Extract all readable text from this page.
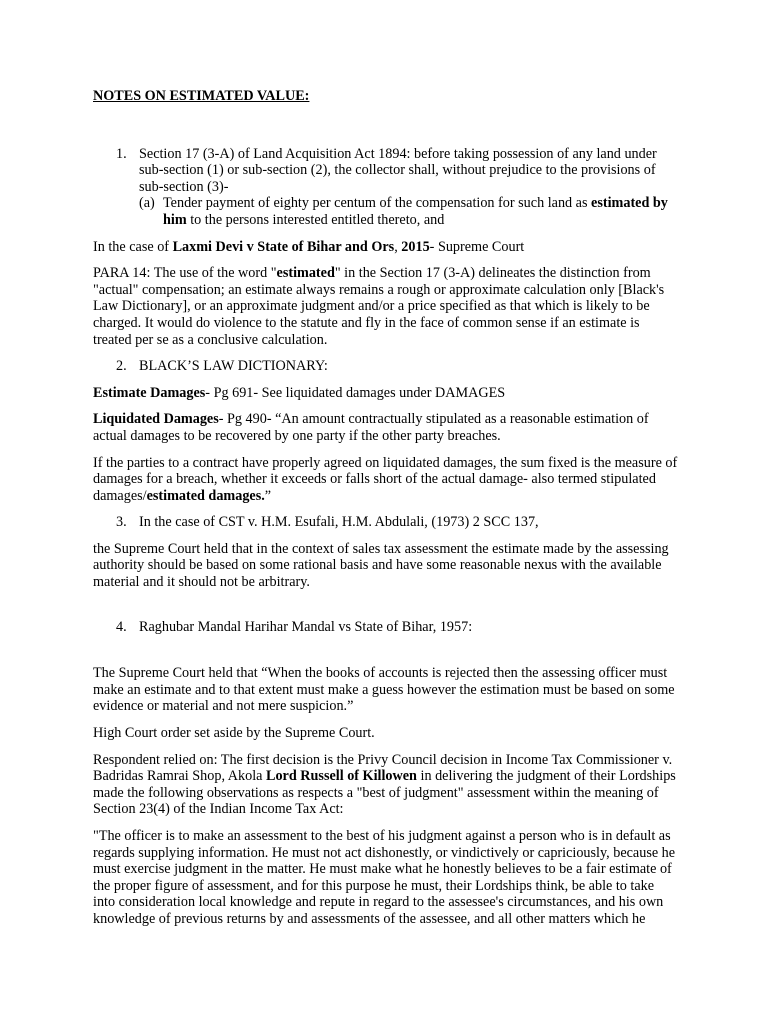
NOTES ON ESTIMATED VALUE:

1. Section 17 (3-A) of Land Acquisition Act 1894: before taking possession of any land under sub-section (1) or sub-section (2), the collector shall, without prejudice to the provisions of sub-section (3)-
(a) Tender payment of eighty per centum of the compensation for such land as estimated by him to the persons interested entitled thereto, and

In the case of Laxmi Devi v State of Bihar and Ors, 2015- Supreme Court

PARA 14: The use of the word "estimated" in the Section 17 (3-A) delineates the distinction from "actual" compensation; an estimate always remains a rough or approximate calculation only [Black's Law Dictionary], or an approximate judgment and/or a price specified as that which is likely to be charged. It would do violence to the statute and fly in the face of common sense if an estimate is treated per se as a conclusive calculation.

2. BLACK’S LAW DICTIONARY:

Estimate Damages- Pg 691- See liquidated damages under DAMAGES

Liquidated Damages- Pg 490- “An amount contractually stipulated as a reasonable estimation of actual damages to be recovered by one party if the other party breaches.

If the parties to a contract have properly agreed on liquidated damages, the sum fixed is the measure of damages for a breach, whether it exceeds or falls short of the actual damage- also termed stipulated damages/estimated damages.”

3. In the case of CST v. H.M. Esufali, H.M. Abdulali, (1973) 2 SCC 137,

the Supreme Court held that in the context of sales tax assessment the estimate made by the assessing authority should be based on some rational basis and have some reasonable nexus with the available material and it should not be arbitrary.

4. Raghubar Mandal Harihar Mandal vs State of Bihar, 1957:

The Supreme Court held that “When the books of accounts is rejected then the assessing officer must make an estimate and to that extent must make a guess however the estimation must be based on some evidence or material and not mere suspicion.”

High Court order set aside by the Supreme Court.

Respondent relied on: The first decision is the Privy Council decision in Income Tax Commissioner v. Badridas Ramrai Shop, Akola Lord Russell of Killowen in delivering the judgment of their Lordships made the following observations as respects a "best of judgment" assessment within the meaning of Section 23(4) of the Indian Income Tax Act:

"The officer is to make an assessment to the best of his judgment against a person who is in default as regards supplying information. He must not act dishonestly, or vindictively or capriciously, because he must exercise judgment in the matter. He must make what he honestly believes to be a fair estimate of the proper figure of assessment, and for this purpose he must, their Lordships think, be able to take into consideration local knowledge and repute in regard to the assessee's circumstances, and his own knowledge of previous returns by and assessments of the assessee, and all other matters which he
